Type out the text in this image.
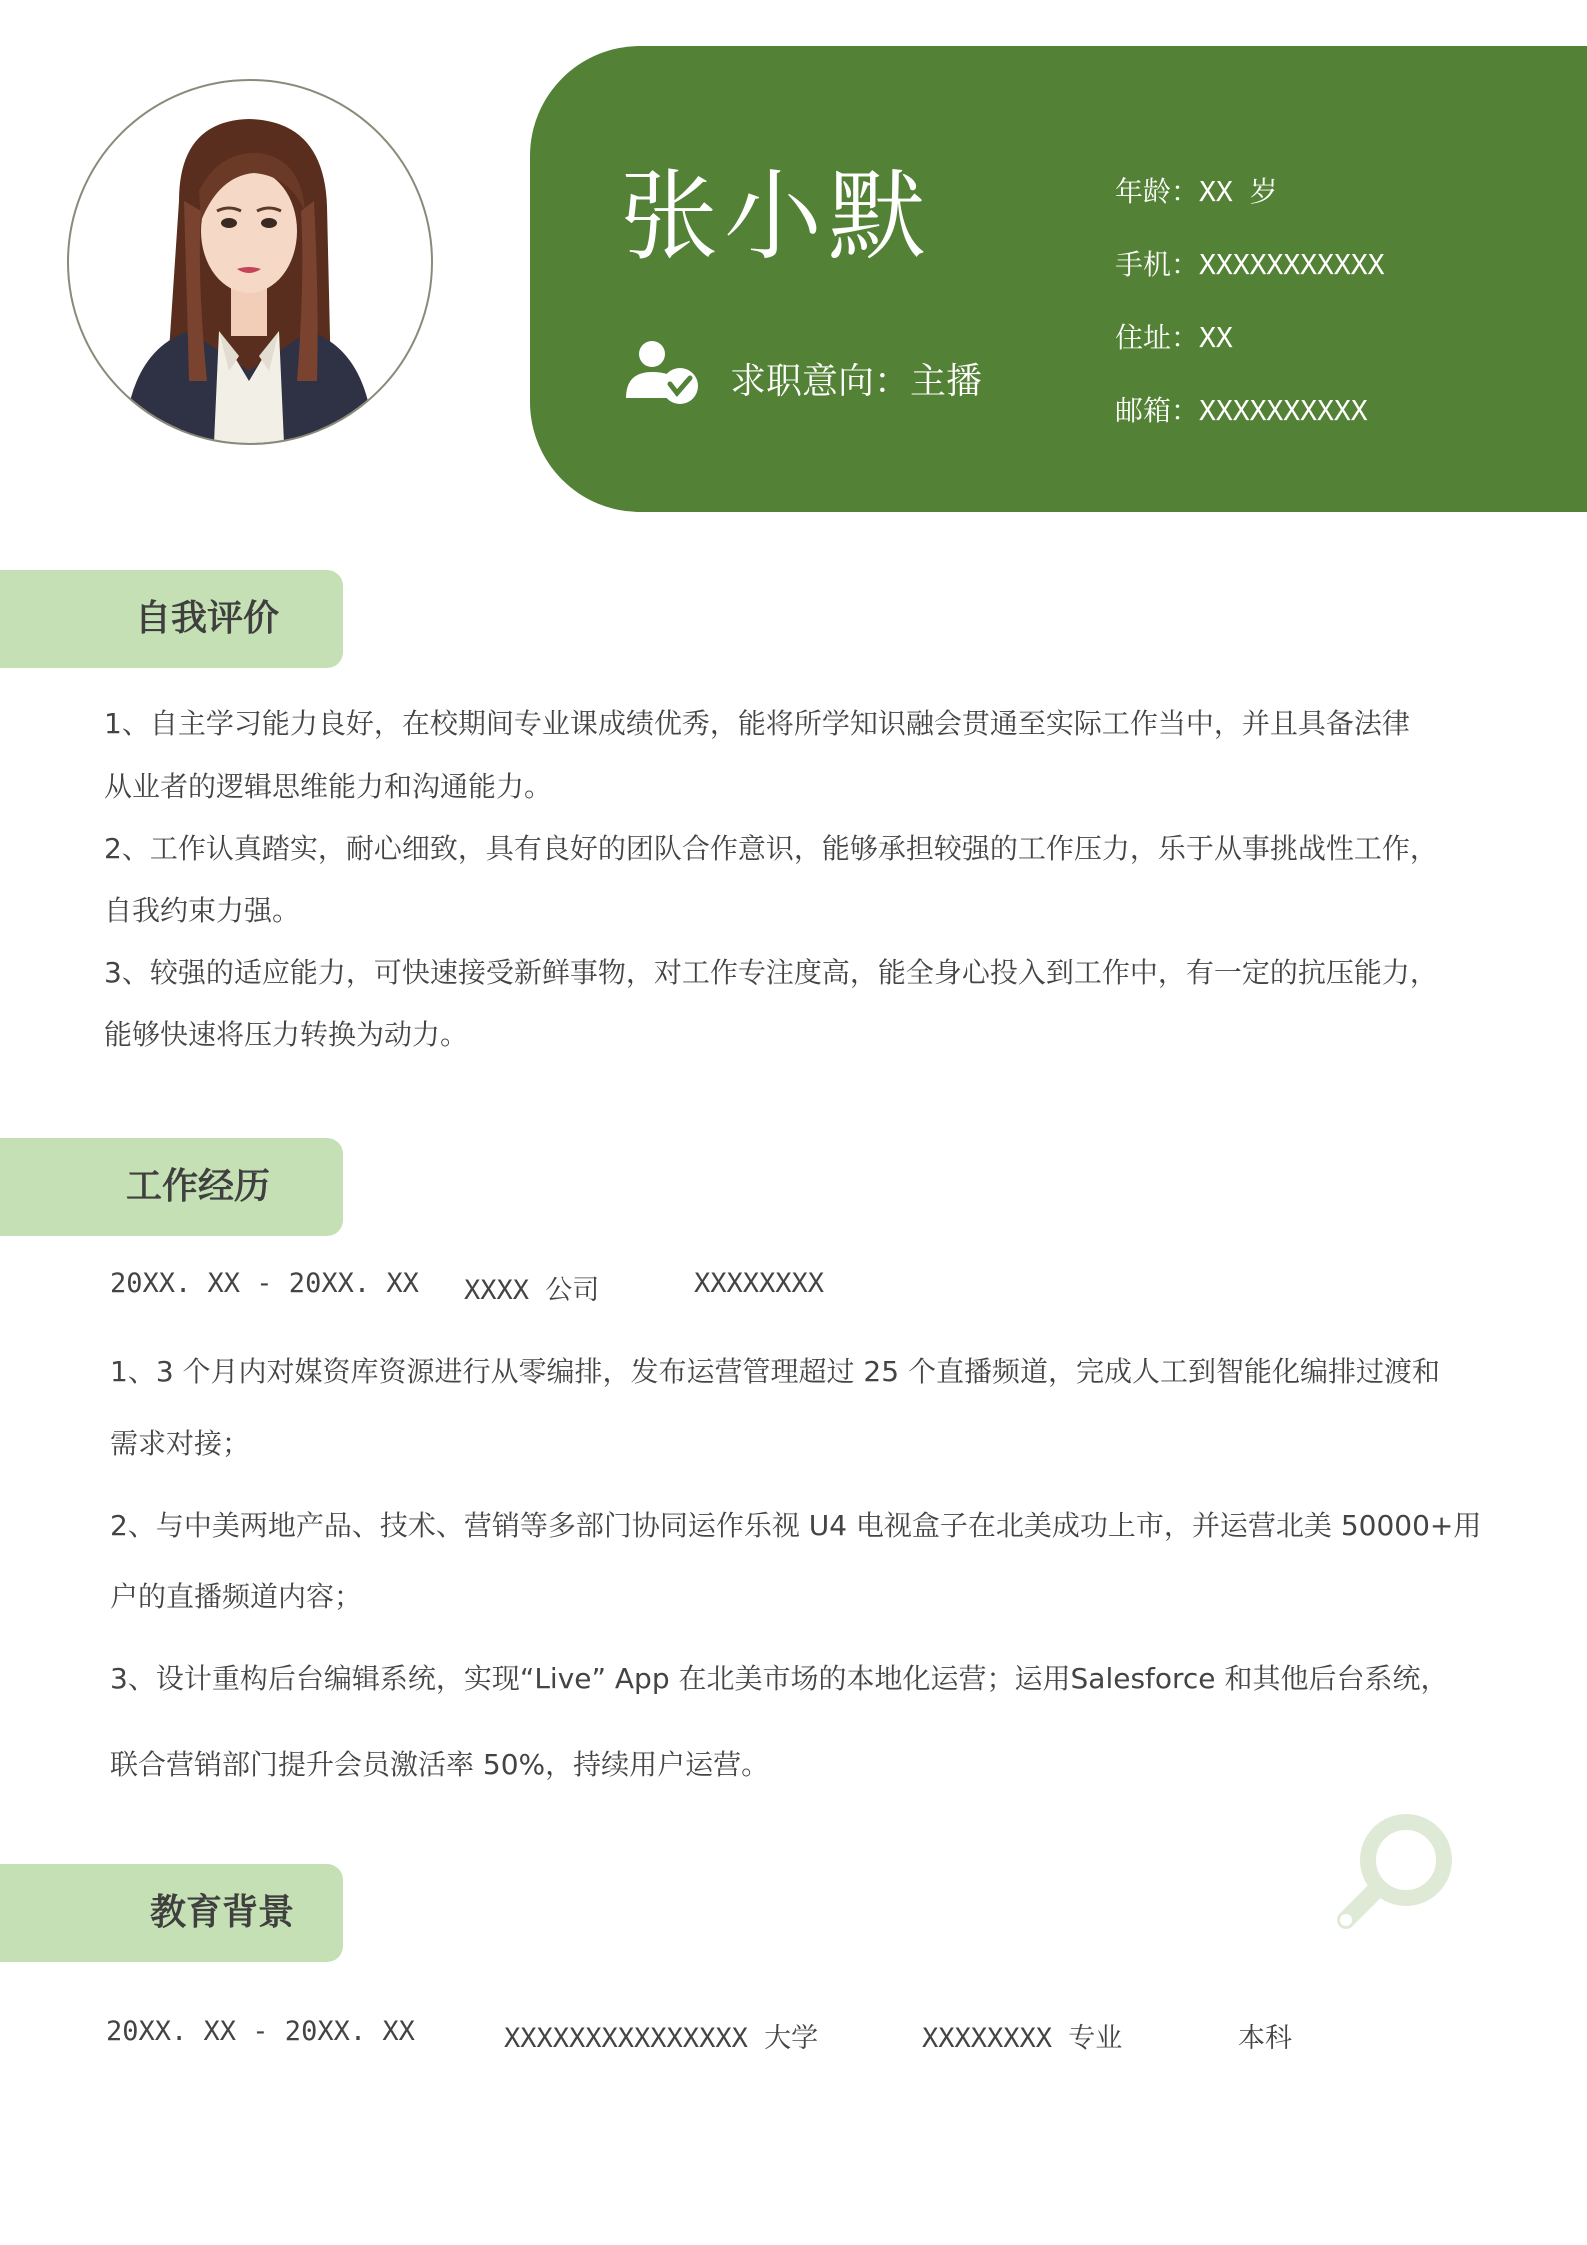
张小默
求职意向：主播
年龄：XX 岁
手机：XXXXXXXXXXX
住址：XX
邮箱：XXXXXXXXXX
自我评价
1、自主学习能力良好，在校期间专业课成绩优秀，能将所学知识融会贯通至实际工作当中，并且具备法律
从业者的逻辑思维能力和沟通能力。
2、工作认真踏实，耐心细致，具有良好的团队合作意识，能够承担较强的工作压力，乐于从事挑战性工作，
自我约束力强。
3、较强的适应能力，可快速接受新鲜事物，对工作专注度高，能全身心投入到工作中，有一定的抗压能力，
能够快速将压力转换为动力。
工作经历
20XX. XX - 20XX. XX XXXX 公司	XXXXXXXX
1、3 个月内对媒资库资源进行从零编排，发布运营管理超过 25 个直播频道，完成人工到智能化编排过渡和
需求对接；
2、与中美两地产品、技术、营销等多部门协同运作乐视 U4 电视盒子在北美成功上市，并运营北美 50000+用
户的直播频道内容；
3、设计重构后台编辑系统，实现“Live” App 在北美市场的本地化运营；运用Salesforce 和其他后台系统，
联合营销部门提升会员激活率 50%，持续用户运营。
教育背景
20XX. XX - 20XX. XX	XXXXXXXXXXXXXXX 大学	XXXXXXXX 专业	本科
